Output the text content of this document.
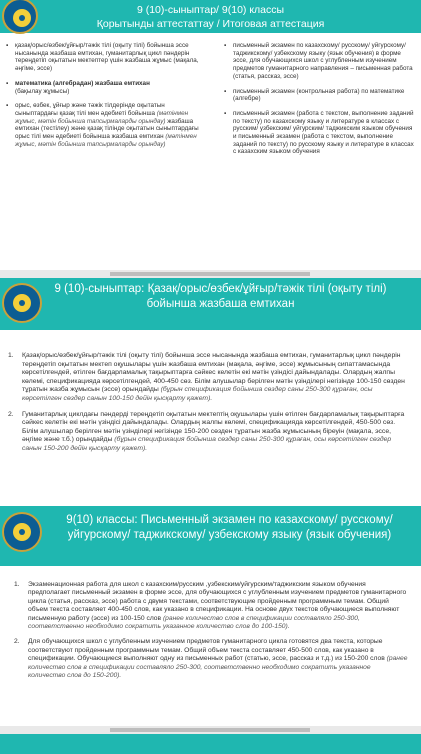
9 (10)-сыныптар/ 9(10) классы
Қорытынды аттестаттау / Итоговая аттестация
▪ қазақ/орыс/өзбек/ұйғыр/тәжік тілі (оқыту тілі) бойынша эссе нысанында жазбаша емтихан, гуманитарлық цикл пәндерін тереңдетіп оқытатын мектептер үшін жазбаша жұмыс (мақала, әңгіме, эссе)
▪ математика (алгебрадан) жазбаша емтихан
(бақылау жұмысы)
▪ орыс, өзбек, ұйғыр және тәжік тілдерінде оқытатын сыныптардағы қазақ тілі мен әдебиеті бойынша (мәтінмен жұмыс, мәтін бойынша тапсырмаларды орындау) жазбаша емтихан (тестілеу) және қазақ тілінде оқытатын сыныптардағы орыс тілі мен әдебиеті бойынша жазбаша емтихан (мәтінмен жұмыс, мәтін бойынша тапсырмаларды орындау)
▪ письменный экзамен по казахскому/ русскому/ уйгурскому/ таджикскому/ узбекскому языку (язык обучения) в форме эссе, для обучающихся школ с углубленным изучением предметов гуманитарного направления – письменная работа (статья, рассказ, эссе)
▪ письменный экзамен (контрольная работа) по математике (алгебре)
▪ письменный экзамен (работа с текстом, выполнение заданий по тексту) по казахскому языку и литературе в классах с русским/ узбекским/ уйгурским/ таджикским языком обучения и письменный экзамен (работа с текстом, выполнение заданий по тексту) по русскому языку и литературе в классах с казахским языком обучения
9 (10)-сыныптар: Қазақ/орыс/өзбек/ұйғыр/тәжік тілі (оқыту тілі) бойынша жазбаша емтихан
1. Қазақ/орыс/өзбек/ұйғыр/тәжік тілі (оқыту тілі) бойынша эссе нысанында жазбаша емтихан, гуманитарлық цикл пәндерін тереңдетіп оқытатын мектеп оқушылары үшін жазбаша емтихан (мақала, әңгіме, эссе) жұмысының сипаттамасында көрсетілгендей, өтілген бағдарламалық тақырыптарға сәйкес келетін екі мәтін үзіндісі дайындалады. Олардың жалпы көлемі, спецификацияда көрсетілгендей, 400-450 сөз. Білім алушылар берілген мәтін үзінділері негізінде 100-150 сөзден тұратын жазба жұмысын (эссе) орындайды (бұрын спецификация бойынша сөздер саны 250-300 құраған, осы көрсетілген сөздер санын 100-150 дейін қысқарту қажет).
2. Гуманитарлық циклдағы пәндерді тереңдетіп оқытатын мектептің оқушылары үшін өтілген бағдарламалық тақырыптарға сәйкес келетін екі мәтін үзіндісі дайындалады. Олардың жалпы көлемі, спецификацияда көрсетілгендей, 450-500 сөз. Білім алушылар берілген мәтін үзінділері негізінде 150-200 сөзден тұратын жазба жұмысының біреуін (мақала, эссе, әңгіме және т.б.) орындайды (бұрын спецификация бойынша сөздер саны 250-300 құраған, осы көрсетілген сөздер санын 150-200 дейін қысқарту қажет).
9(10) классы: Письменный экзамен по казахскому/ русскому/ уйгурскому/ таджикскому/ узбекскому языку (язык обучения)
1. Экзаменационная работа для школ с казахским/русским ,узбекским/уйгурским/таджикским языком обучения предполагает письменный экзамен в форме эссе, для обучающихся с углубленным изучением предметов гуманитарного цикла (статья, рассказ, эссе) работа с двумя текстами, соответствующие пройденным программным темам. Общий объем текста составляет 400-450 слов, как указано в спецификации. На основе двух текстов обучающиеся выполняют письменную работу (эссе) из 100-150 слов (ранее количество слов в спецификации составляло 250-300, соответственно необходимо сократить указанное количество слов до 100-150).
2. Для обучающихся школ с углубленным изучением предметов гуманитарного цикла готовятся два текста, которые соответствуют пройденным программным темам. Общий объем текста составляет 450-500 слов, как указано в спецификации. Обучающиеся выполняют одну из письменных работ (статью, эссе, рассказ и т.д.) из 150-200 слов (ранее количество слов в спецификации составляло 250-300, соответственно необходимо сократить указанное количество слов до 150-200).
